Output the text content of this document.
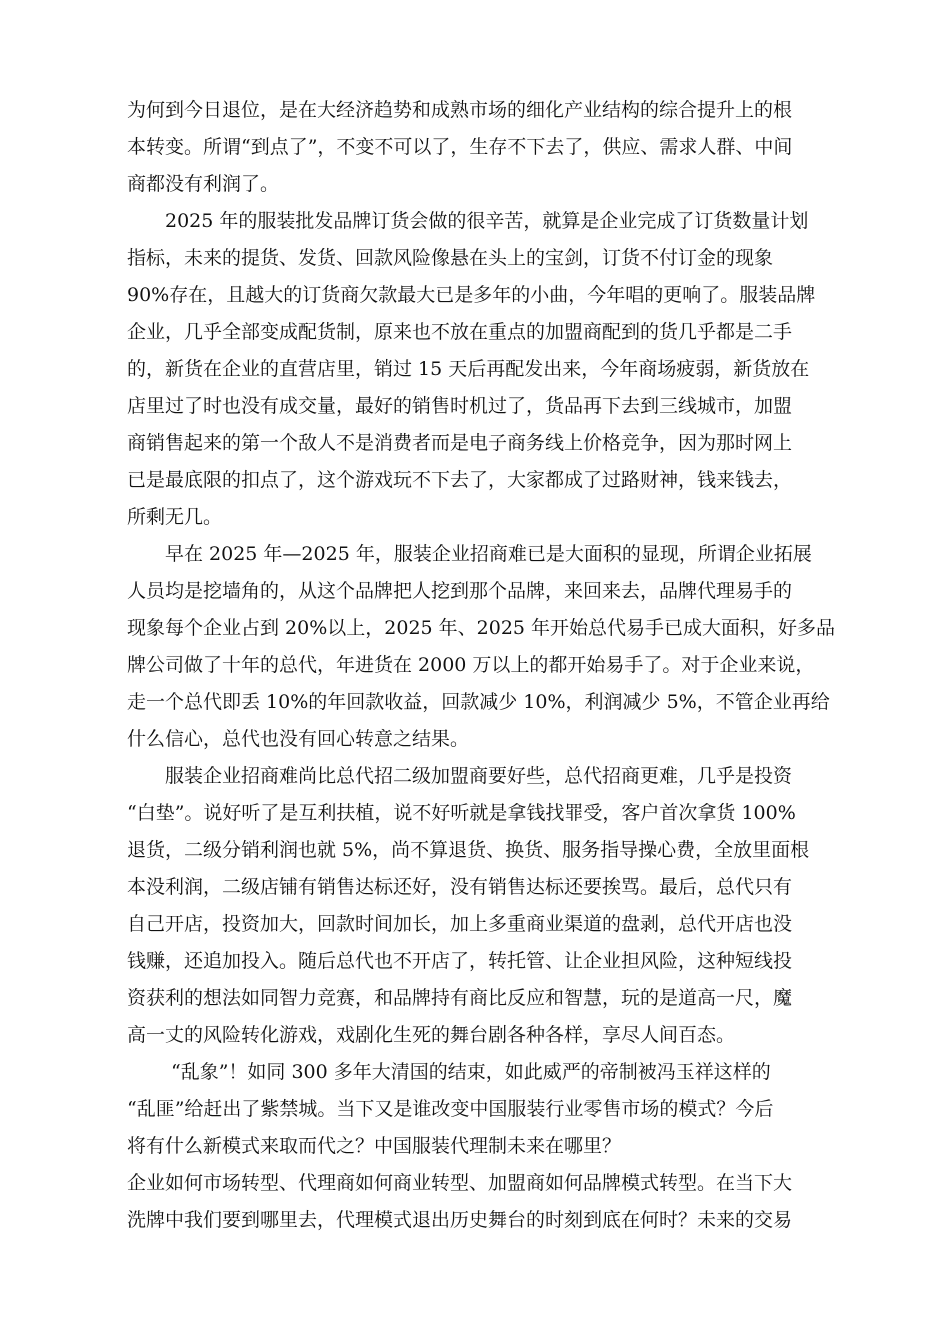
为何到今日退位，是在大经济趋势和成熟市场的细化产业结构的综合提升上的根
本转变。所谓“到点了”，不变不可以了，生存不下去了，供应、需求人群、中间
商都没有利润了。
2025 年的服装批发品牌订货会做的很辛苦，就算是企业完成了订货数量计划
指标，未来的提货、发货、回款风险像悬在头上的宝剑，订货不付订金的现象
90%存在，且越大的订货商欠款最大已是多年的小曲，今年唱的更响了。服装品牌
企业，几乎全部变成配货制，原来也不放在重点的加盟商配到的货几乎都是二手
的，新货在企业的直营店里，销过 15 天后再配发出来，今年商场疲弱，新货放在
店里过了时也没有成交量，最好的销售时机过了，货品再下去到三线城市，加盟
商销售起来的第一个敌人不是消费者而是电子商务线上价格竞争，因为那时网上
已是最底限的扣点了，这个游戏玩不下去了，大家都成了过路财神，钱来钱去，
所剩无几。
早在 2025 年—2025 年，服装企业招商难已是大面积的显现，所谓企业拓展
人员均是挖墙角的，从这个品牌把人挖到那个品牌，来回来去，品牌代理易手的
现象每个企业占到 20%以上，2025 年、2025 年开始总代易手已成大面积，好多品
牌公司做了十年的总代，年进货在 2000 万以上的都开始易手了。对于企业来说，
走一个总代即丢 10%的年回款收益，回款减少 10%，利润减少 5%，不管企业再给
什么信心，总代也没有回心转意之结果。
服装企业招商难尚比总代招二级加盟商要好些，总代招商更难，几乎是投资
“白垫”。说好听了是互利扶植，说不好听就是拿钱找罪受，客户首次拿货 100%
退货，二级分销利润也就 5%，尚不算退货、换货、服务指导操心费，全放里面根
本没利润，二级店铺有销售达标还好，没有销售达标还要挨骂。最后，总代只有
自己开店，投资加大，回款时间加长，加上多重商业渠道的盘剥，总代开店也没
钱赚，还追加投入。随后总代也不开店了，转托管、让企业担风险，这种短线投
资获利的想法如同智力竞赛，和品牌持有商比反应和智慧，玩的是道高一尺，魔
高一丈的风险转化游戏，戏剧化生死的舞台剧各种各样，享尽人间百态。
“乱象”！如同 300 多年大清国的结束，如此威严的帝制被冯玉祥这样的
“乱匪”给赶出了紫禁城。当下又是谁改变中国服装行业零售市场的模式？今后
将有什么新模式来取而代之？中国服装代理制未来在哪里？
企业如何市场转型、代理商如何商业转型、加盟商如何品牌模式转型。在当下大
洗牌中我们要到哪里去，代理模式退出历史舞台的时刻到底在何时？未来的交易
